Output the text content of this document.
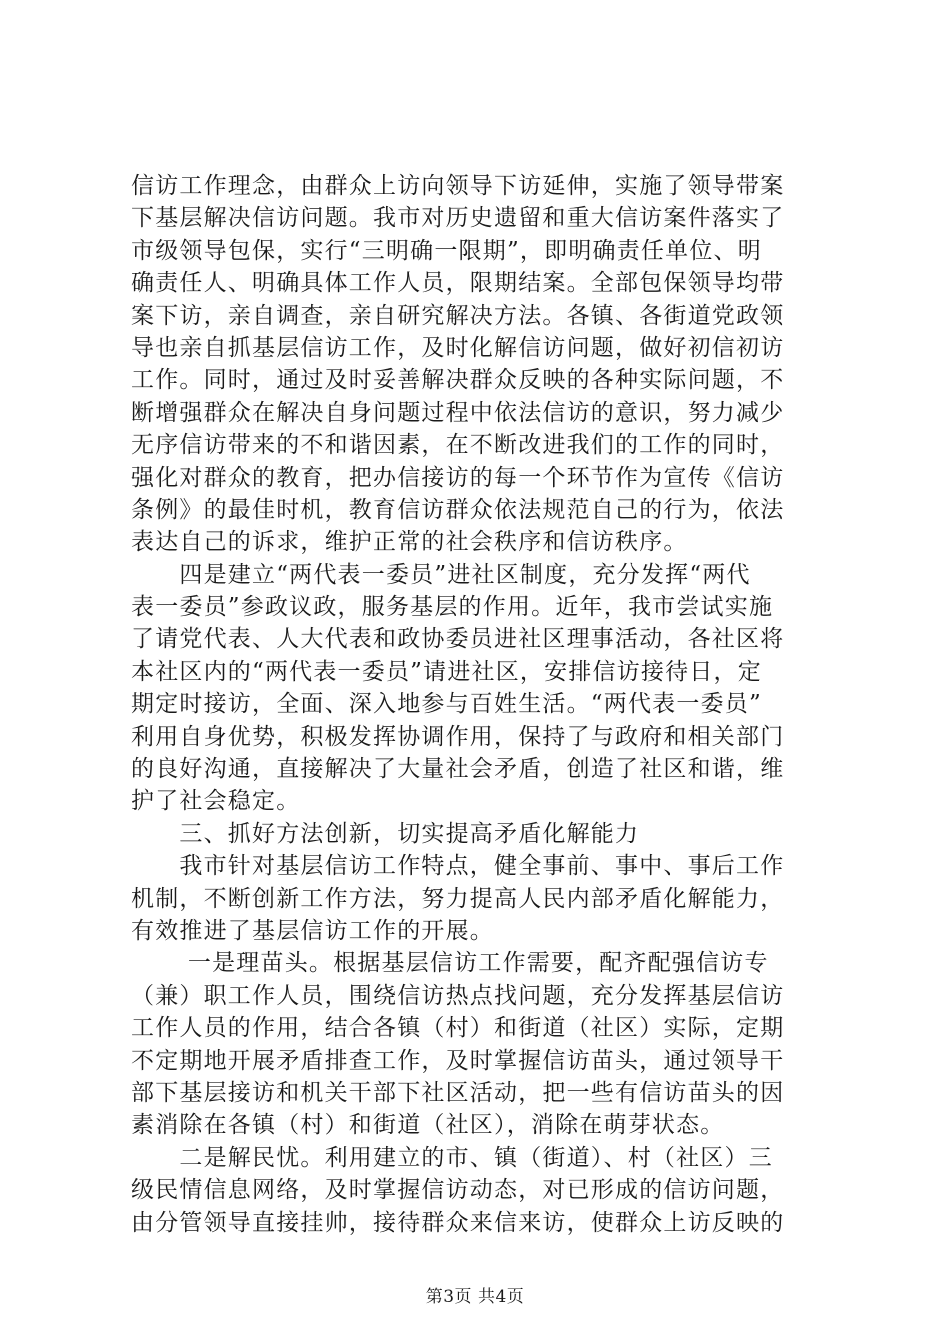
信访工作理念，由群众上访向领导下访延伸，实施了领导带案
下基层解决信访问题。我市对历史遗留和重大信访案件落实了
市级领导包保，实行“三明确一限期”，即明确责任单位、明
确责任人、明确具体工作人员，限期结案。全部包保领导均带
案下访，亲自调查，亲自研究解决方法。各镇、各街道党政领
导也亲自抓基层信访工作，及时化解信访问题，做好初信初访
工作。同时，通过及时妥善解决群众反映的各种实际问题，不
断增强群众在解决自身问题过程中依法信访的意识，努力减少
无序信访带来的不和谐因素，在不断改进我们的工作的同时，
强化对群众的教育，把办信接访的每一个环节作为宣传《信访
条例》的最佳时机，教育信访群众依法规范自己的行为，依法
表达自己的诉求，维护正常的社会秩序和信访秩序。
　　四是建立“两代表一委员”进社区制度，充分发挥“两代
表一委员”参政议政，服务基层的作用。近年，我市尝试实施
了请党代表、人大代表和政协委员进社区理事活动，各社区将
本社区内的“两代表一委员”请进社区，安排信访接待日，定
期定时接访，全面、深入地参与百姓生活。“两代表一委员”
利用自身优势，积极发挥协调作用，保持了与政府和相关部门
的良好沟通，直接解决了大量社会矛盾，创造了社区和谐，维
护了社会稳定。
　　三、抓好方法创新，切实提高矛盾化解能力
　　我市针对基层信访工作特点，健全事前、事中、事后工作
机制，不断创新工作方法，努力提高人民内部矛盾化解能力，
有效推进了基层信访工作的开展。
　　 一是理苗头。根据基层信访工作需要，配齐配强信访专
（兼）职工作人员，围绕信访热点找问题，充分发挥基层信访
工作人员的作用，结合各镇（村）和街道（社区）实际，定期
不定期地开展矛盾排查工作，及时掌握信访苗头，通过领导干
部下基层接访和机关干部下社区活动，把一些有信访苗头的因
素消除在各镇（村）和街道（社区），消除在萌芽状态。
　　二是解民忧。利用建立的市、镇（街道）、村（社区）三
级民情信息网络，及时掌握信访动态，对已形成的信访问题，
由分管领导直接挂帅，接待群众来信来访，使群众上访反映的
第3页 共4页
